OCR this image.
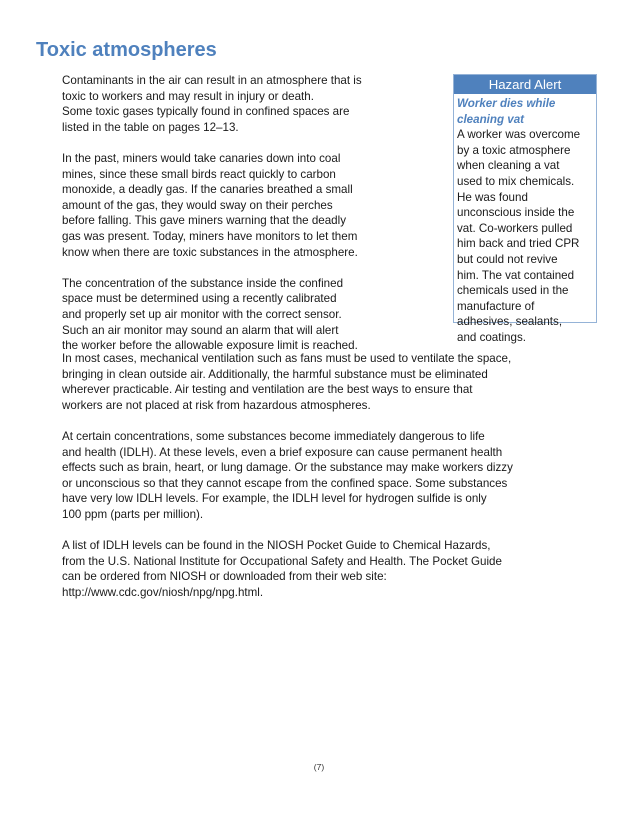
Toxic atmospheres

Contaminants in the air can result in an atmosphere that is
toxic to workers and may result in injury or death.
Some toxic gases typically found in confined spaces are
listed in the table on pages 12–13.

In the past, miners would take canaries down into coal
mines, since these small birds react quickly to carbon
monoxide, a deadly gas. If the canaries breathed a small
amount of the gas, they would sway on their perches
before falling. This gave miners warning that the deadly
gas was present. Today, miners have monitors to let them
know when there are toxic substances in the atmosphere.

The concentration of the substance inside the confined
space must be determined using a recently calibrated
and properly set up air monitor with the correct sensor.
Such an air monitor may sound an alarm that will alert
the worker before the allowable exposure limit is reached.

Hazard Alert
Worker dies while
cleaning vat
A worker was overcome
by a toxic atmosphere
when cleaning a vat
used to mix chemicals.
He was found
unconscious inside the
vat. Co-workers pulled
him back and tried CPR
but could not revive
him. The vat contained
chemicals used in the
manufacture of
adhesives, sealants,
and coatings.

In most cases, mechanical ventilation such as fans must be used to ventilate the space,
bringing in clean outside air. Additionally, the harmful substance must be eliminated
wherever practicable. Air testing and ventilation are the best ways to ensure that
workers are not placed at risk from hazardous atmospheres.

At certain concentrations, some substances become immediately dangerous to life
and health (IDLH). At these levels, even a brief exposure can cause permanent health
effects such as brain, heart, or lung damage. Or the substance may make workers dizzy
or unconscious so that they cannot escape from the confined space. Some substances
have very low IDLH levels. For example, the IDLH level for hydrogen sulfide is only
100 ppm (parts per million).

A list of IDLH levels can be found in the NIOSH Pocket Guide to Chemical Hazards,
from the U.S. National Institute for Occupational Safety and Health. The Pocket Guide
can be ordered from NIOSH or downloaded from their web site:
http://www.cdc.gov/niosh/npg/npg.html.

(7)
